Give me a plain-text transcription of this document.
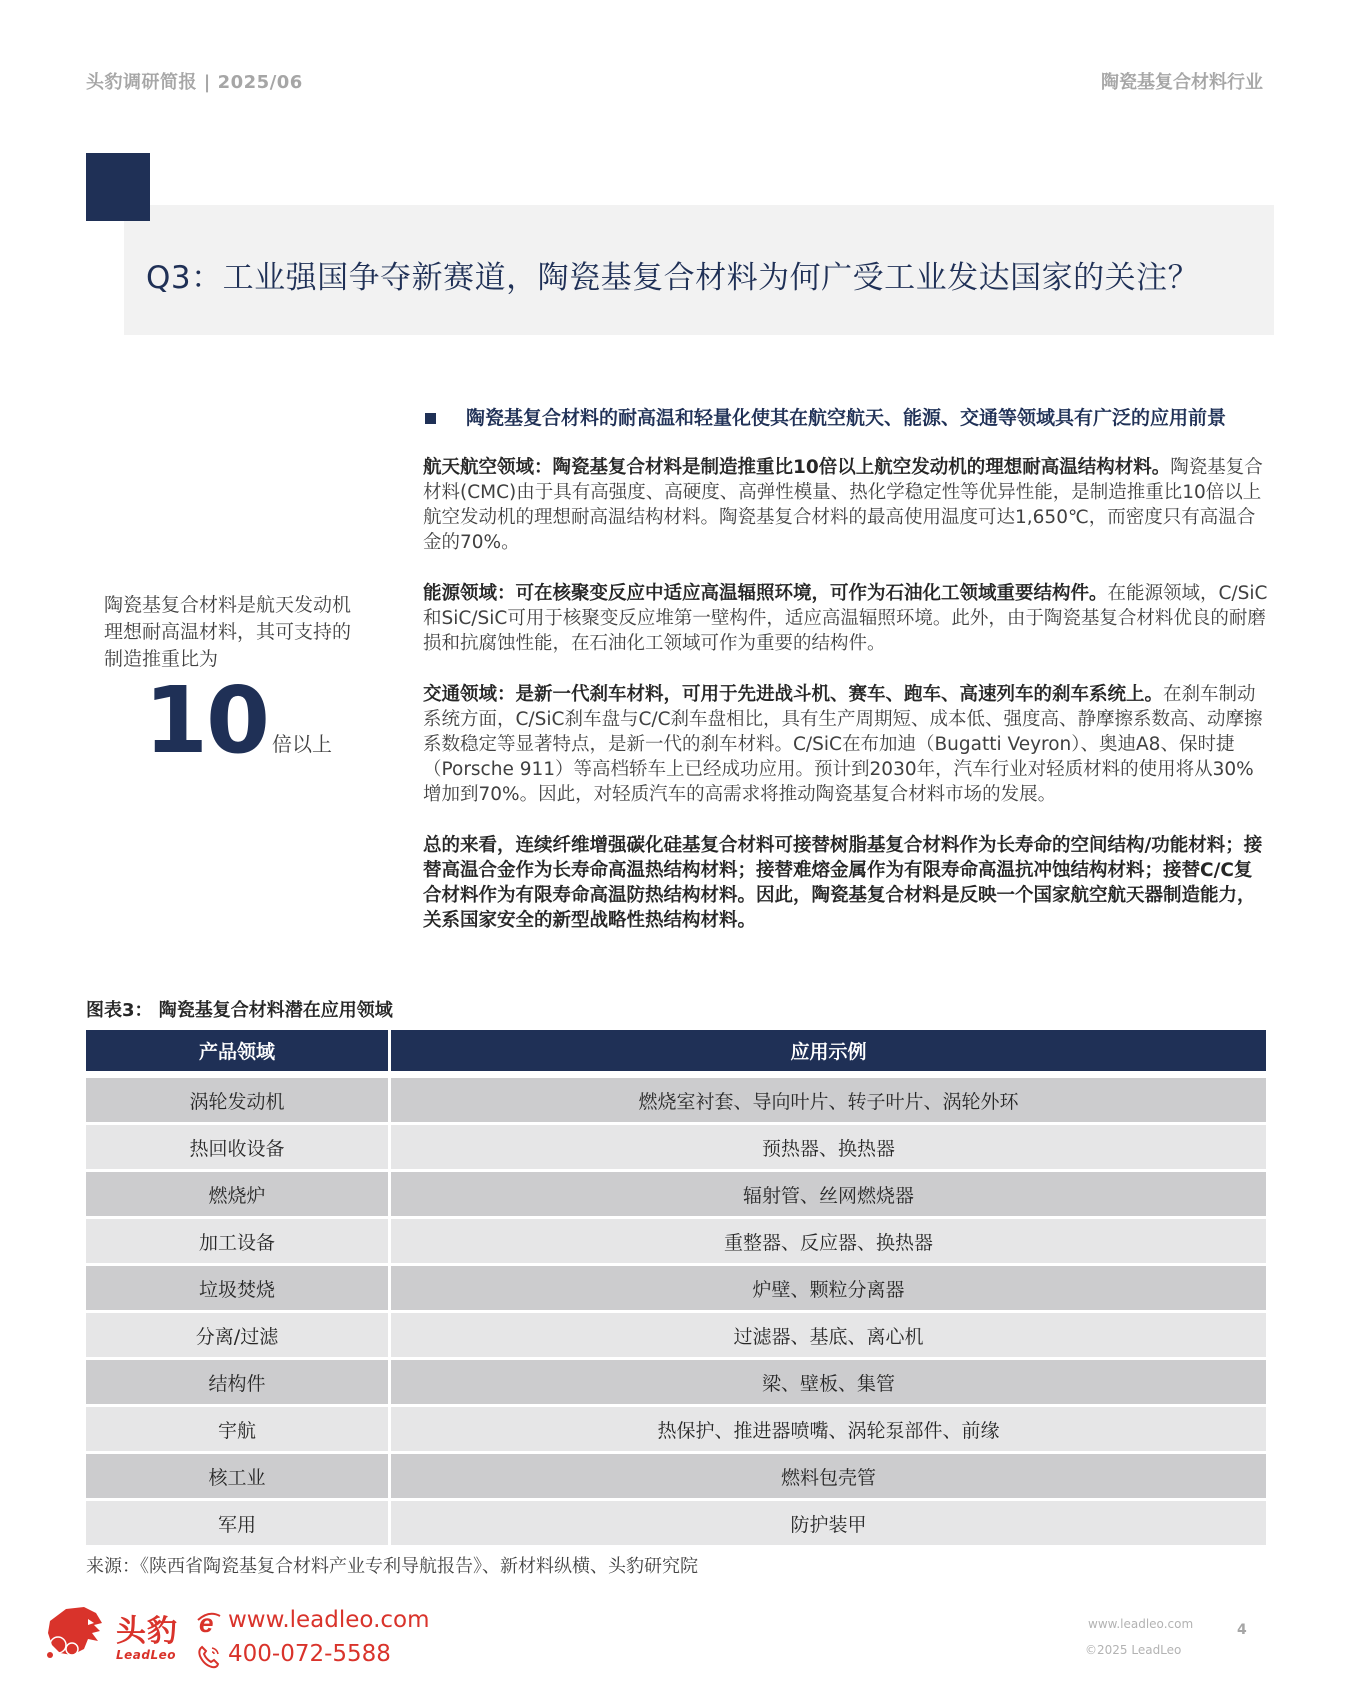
头豹调研简报 | 2025/06	陶瓷基复合材料行业
Q3：工业强国争夺新赛道，陶瓷基复合材料为何广受工业发达国家的关注？
陶瓷基复合材料是航天发动机理想耐高温材料，其可支持的制造推重比为
10 倍以上
陶瓷基复合材料的耐高温和轻量化使其在航空航天、能源、交通等领域具有广泛的应用前景

航天航空领域：陶瓷基复合材料是制造推重比10倍以上航空发动机的理想耐高温结构材料。陶瓷基复合材料(CMC)由于具有高强度、高硬度、高弹性模量、热化学稳定性等优异性能，是制造推重比10倍以上航空发动机的理想耐高温结构材料。陶瓷基复合材料的最高使用温度可达1,650℃，而密度只有高温合金的70%。

能源领域：可在核聚变反应中适应高温辐照环境，可作为石油化工领域重要结构件。在能源领域，C/SiC和SiC/SiC可用于核聚变反应堆第一壁构件，适应高温辐照环境。此外，由于陶瓷基复合材料优良的耐磨损和抗腐蚀性能，在石油化工领域可作为重要的结构件。

交通领域：是新一代刹车材料，可用于先进战斗机、赛车、跑车、高速列车的刹车系统上。在刹车制动系统方面，C/SiC刹车盘与C/C刹车盘相比，具有生产周期短、成本低、强度高、静摩擦系数高、动摩擦系数稳定等显著特点，是新一代的刹车材料。C/SiC在布加迪（Bugatti Veyron）、奥迪A8、保时捷（Porsche 911）等高档轿车上已经成功应用。预计到2030年，汽车行业对轻质材料的使用将从30%增加到70%。因此，对轻质汽车的高需求将推动陶瓷基复合材料市场的发展。

总的来看，连续纤维增强碳化硅基复合材料可接替树脂基复合材料作为长寿命的空间结构/功能材料；接替高温合金作为长寿命高温热结构材料；接替难熔金属作为有限寿命高温抗冲蚀结构材料；接替C/C复合材料作为有限寿命高温防热结构材料。因此，陶瓷基复合材料是反映一个国家航空航天器制造能力，关系国家安全的新型战略性热结构材料。

图表3： 陶瓷基复合材料潜在应用领域
产品领域	应用示例
涡轮发动机	燃烧室衬套、导向叶片、转子叶片、涡轮外环
热回收设备	预热器、换热器
燃烧炉	辐射管、丝网燃烧器
加工设备	重整器、反应器、换热器
垃圾焚烧	炉壁、颗粒分离器
分离/过滤	过滤器、基底、离心机
结构件	梁、壁板、集管
宇航	热保护、推进器喷嘴、涡轮泵部件、前缘
核工业	燃料包壳管
军用	防护装甲
来源：《陕西省陶瓷基复合材料产业专利导航报告》、新材料纵横、头豹研究院
头豹
LeadLeo
e www.leadleo.com
400-072-5588
www.leadleo.com
©2025 LeadLeo
4
